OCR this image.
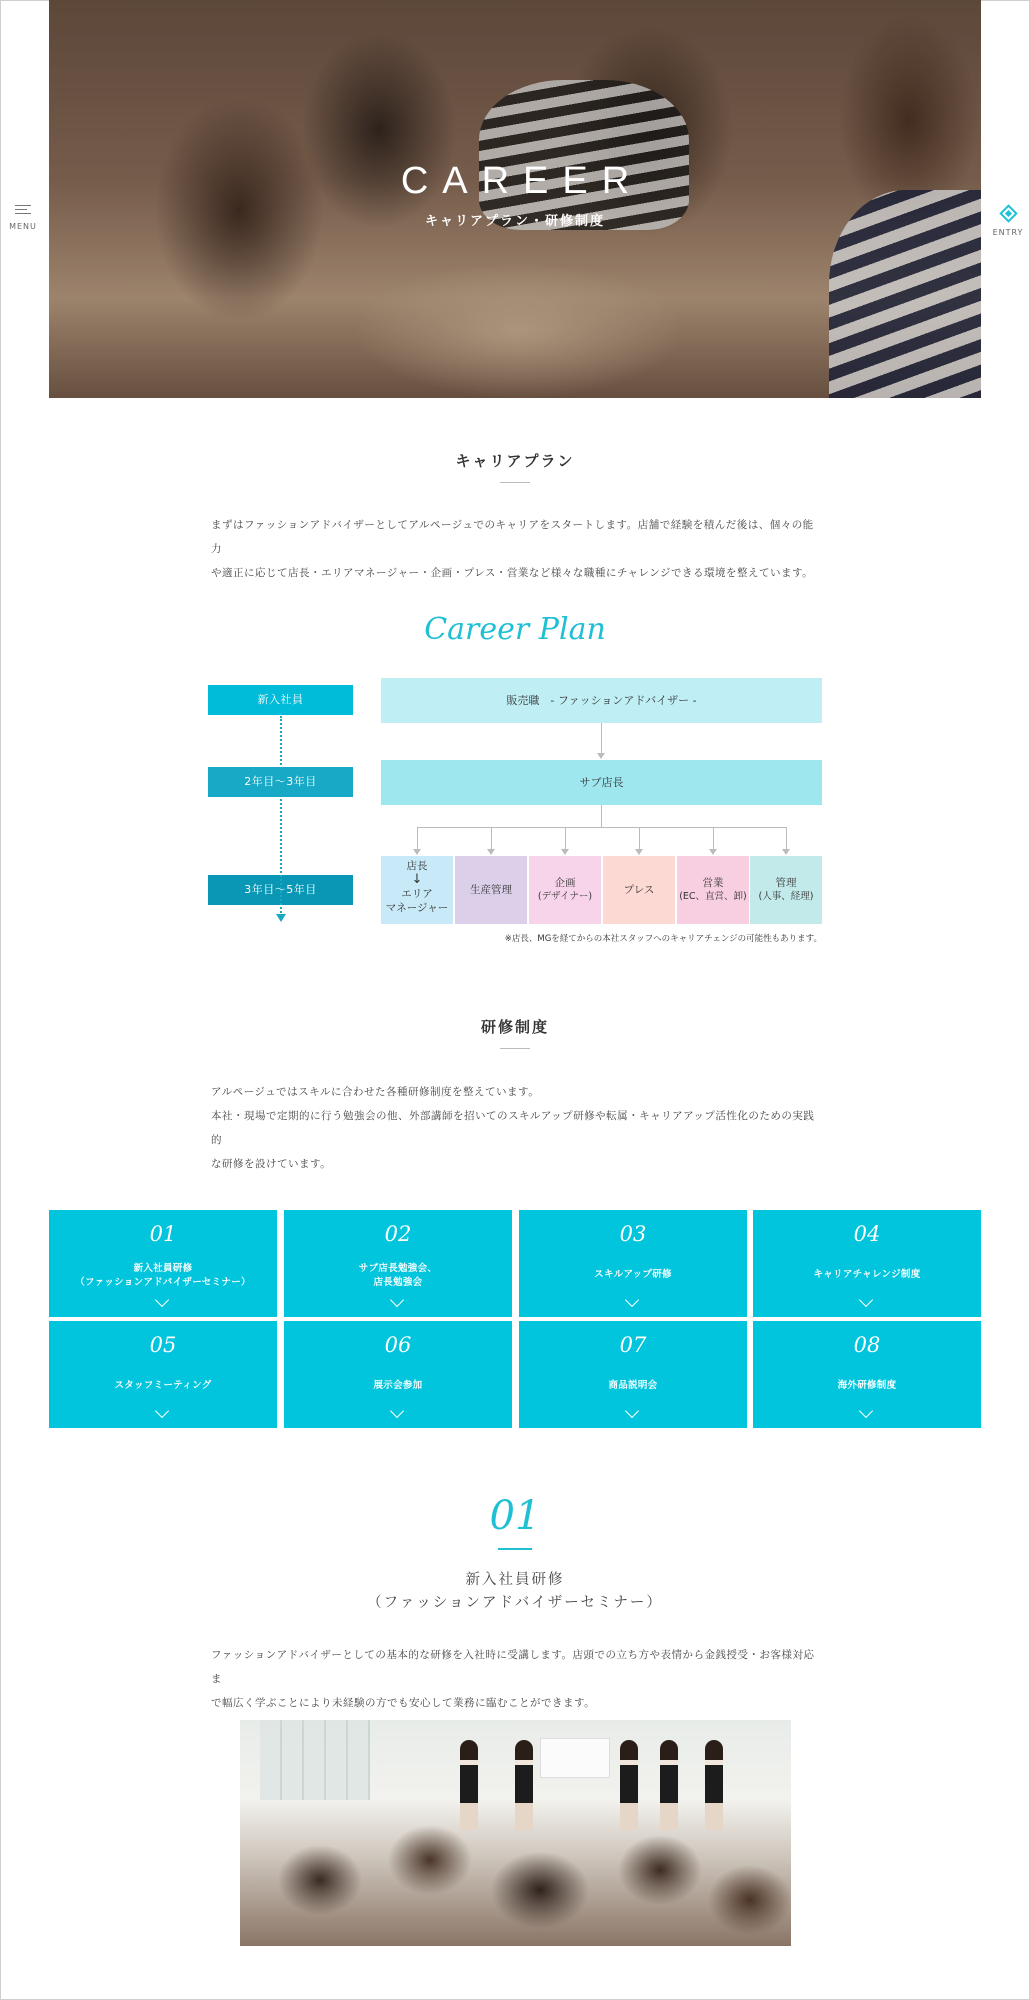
CAREER
キャリアプラン・研修制度
MENU
ENTRY
キャリアプラン
まずはファッションアドバイザーとしてアルページュでのキャリアをスタートします。店舗で経験を積んだ後は、個々の能力
や適正に応じて店長・エリアマネージャー・企画・プレス・営業など様々な職種にチャレンジできる環境を整えています。
Career Plan
新入社員
2年目〜3年目
3年目〜5年目
販売職　- ファッションアドバイザー -
サブ店長
店長
↓
エリア
マネージャー
生産管理
企画
(デザイナー)
プレス
営業
(EC、直営、卸)
管理
(人事、経理)
※店長、MGを経てからの本社スタッフへのキャリアチェンジの可能性もあります。
研修制度
アルページュではスキルに合わせた各種研修制度を整えています。
本社・現場で定期的に行う勉強会の他、外部講師を招いてのスキルアップ研修や転属・キャリアアップ活性化のための実践的
な研修を設けています。
01
新入社員研修
（ファッションアドバイザーセミナー）
02
サブ店長勉強会、
店長勉強会
03
スキルアップ研修
04
キャリアチャレンジ制度
05
スタッフミーティング
06
展示会参加
07
商品説明会
08
海外研修制度
01
新入社員研修
（ファッションアドバイザーセミナー）
ファッションアドバイザーとしての基本的な研修を入社時に受講します。店頭での立ち方や表情から金銭授受・お客様対応ま
で幅広く学ぶことにより未経験の方でも安心して業務に臨むことができます。
